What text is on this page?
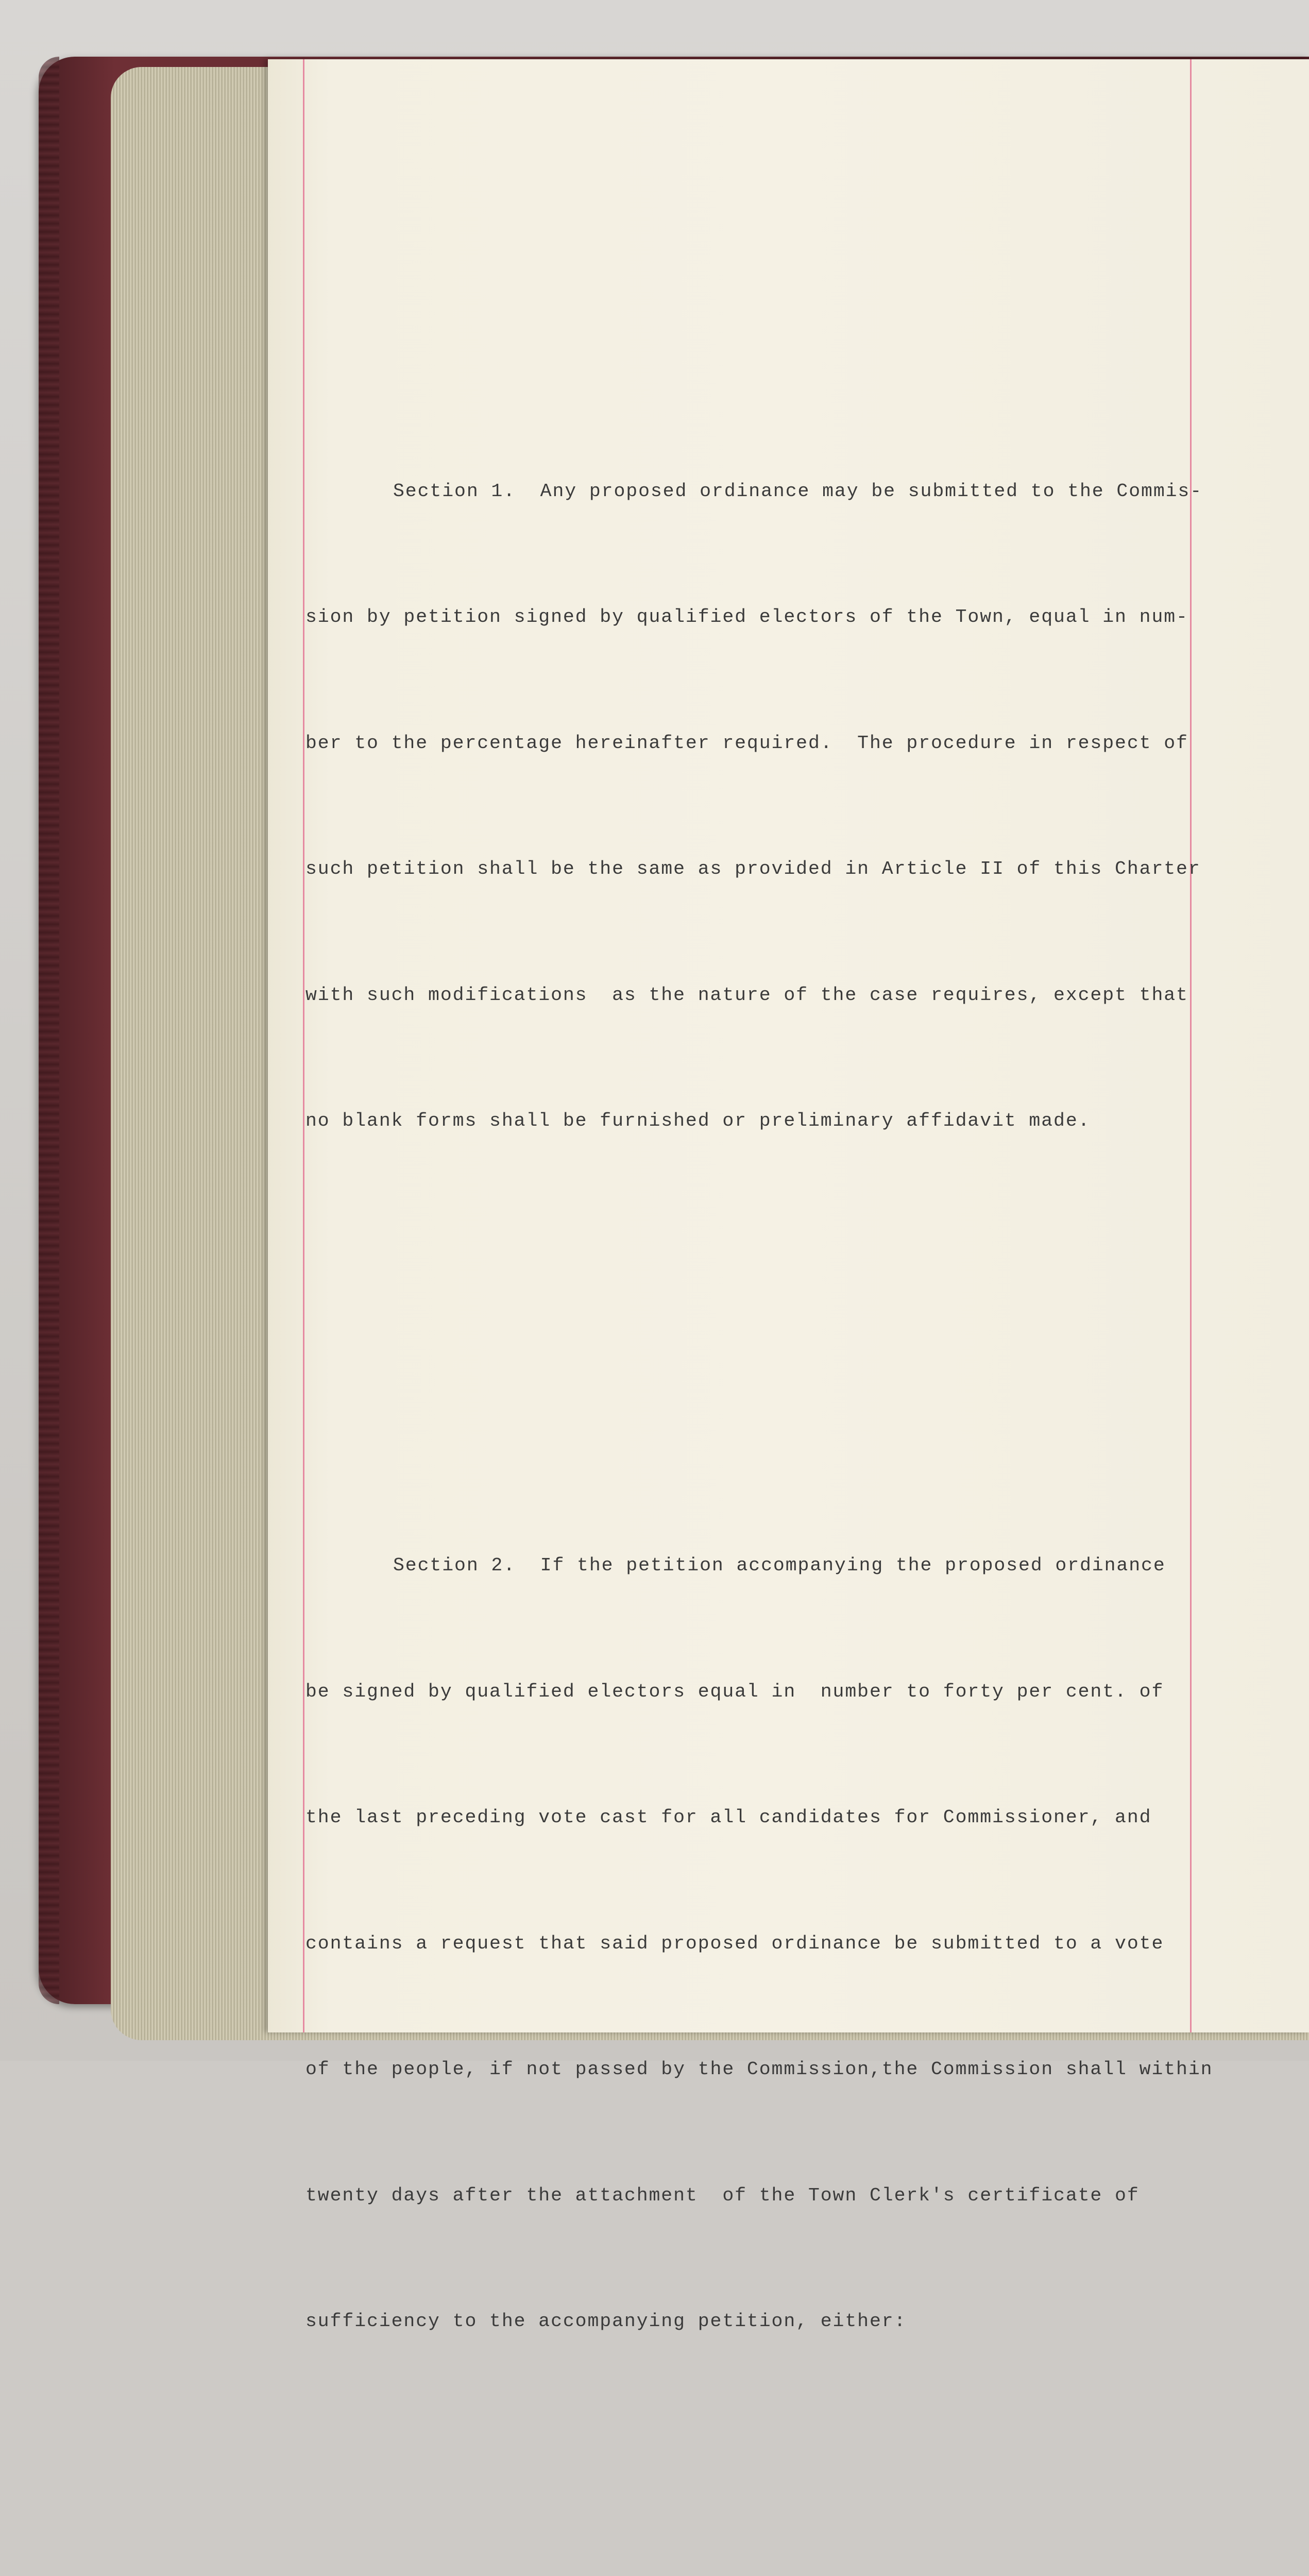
Section 1.  Any proposed ordinance may be submitted to the Commis-

sion by petition signed by qualified electors of the Town, equal in num-

ber to the percentage hereinafter required.  The procedure in respect of

such petition shall be the same as provided in Article II of this Charter

with such modifications  as the nature of the case requires, except that

no blank forms shall be furnished or preliminary affidavit made.

Section 2.  If the petition accompanying the proposed ordinance

be signed by qualified electors equal in  number to forty per cent. of

the last preceding vote cast for all candidates for Commissioner, and

contains a request that said proposed ordinance be submitted to a vote

of the people, if not passed by the Commission,the Commission shall within

twenty days after the attachment  of the Town Clerk's certificate of

sufficiency to the accompanying petition, either:
